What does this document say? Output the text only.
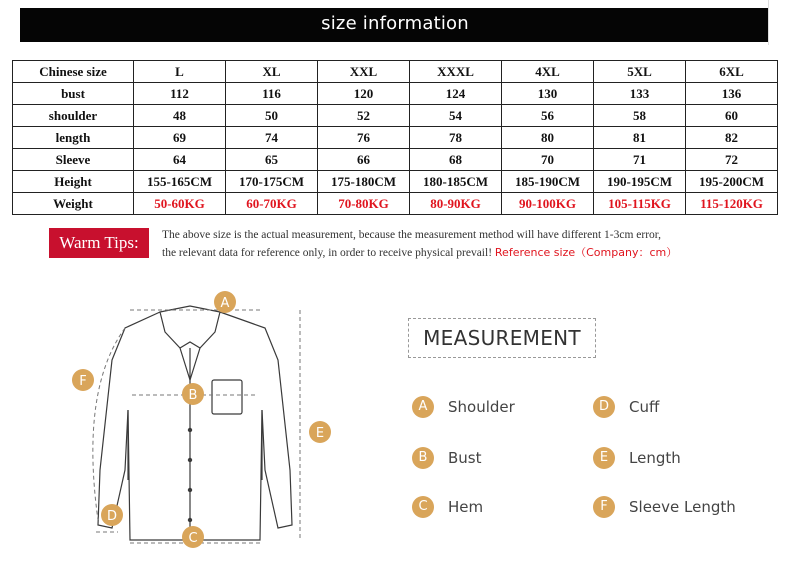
size information
Chinese size	L	XL	XXL	XXXL	4XL	5XL	6XL
bust	112	116	120	124	130	133	136
shoulder	48	50	52	54	56	58	60
length	69	74	76	78	80	81	82
Sleeve	64	65	66	68	70	71	72
Height	155-165CM	170-175CM	175-180CM	180-185CM	185-190CM	190-195CM	195-200CM
Weight	50-60KG	60-70KG	70-80KG	80-90KG	90-100KG	105-115KG	115-120KG
Warm Tips:	The above size is the actual measurement, because the measurement method will have different 1-3cm error,
the relevant data for reference only, in order to receive physical prevail! Reference size（Company：cm）
A
B
C
D
E
F
MEASUREMENT
A	Shoulder
B	Bust
C	Hem
D	Cuff
E	Length
F	Sleeve Length
